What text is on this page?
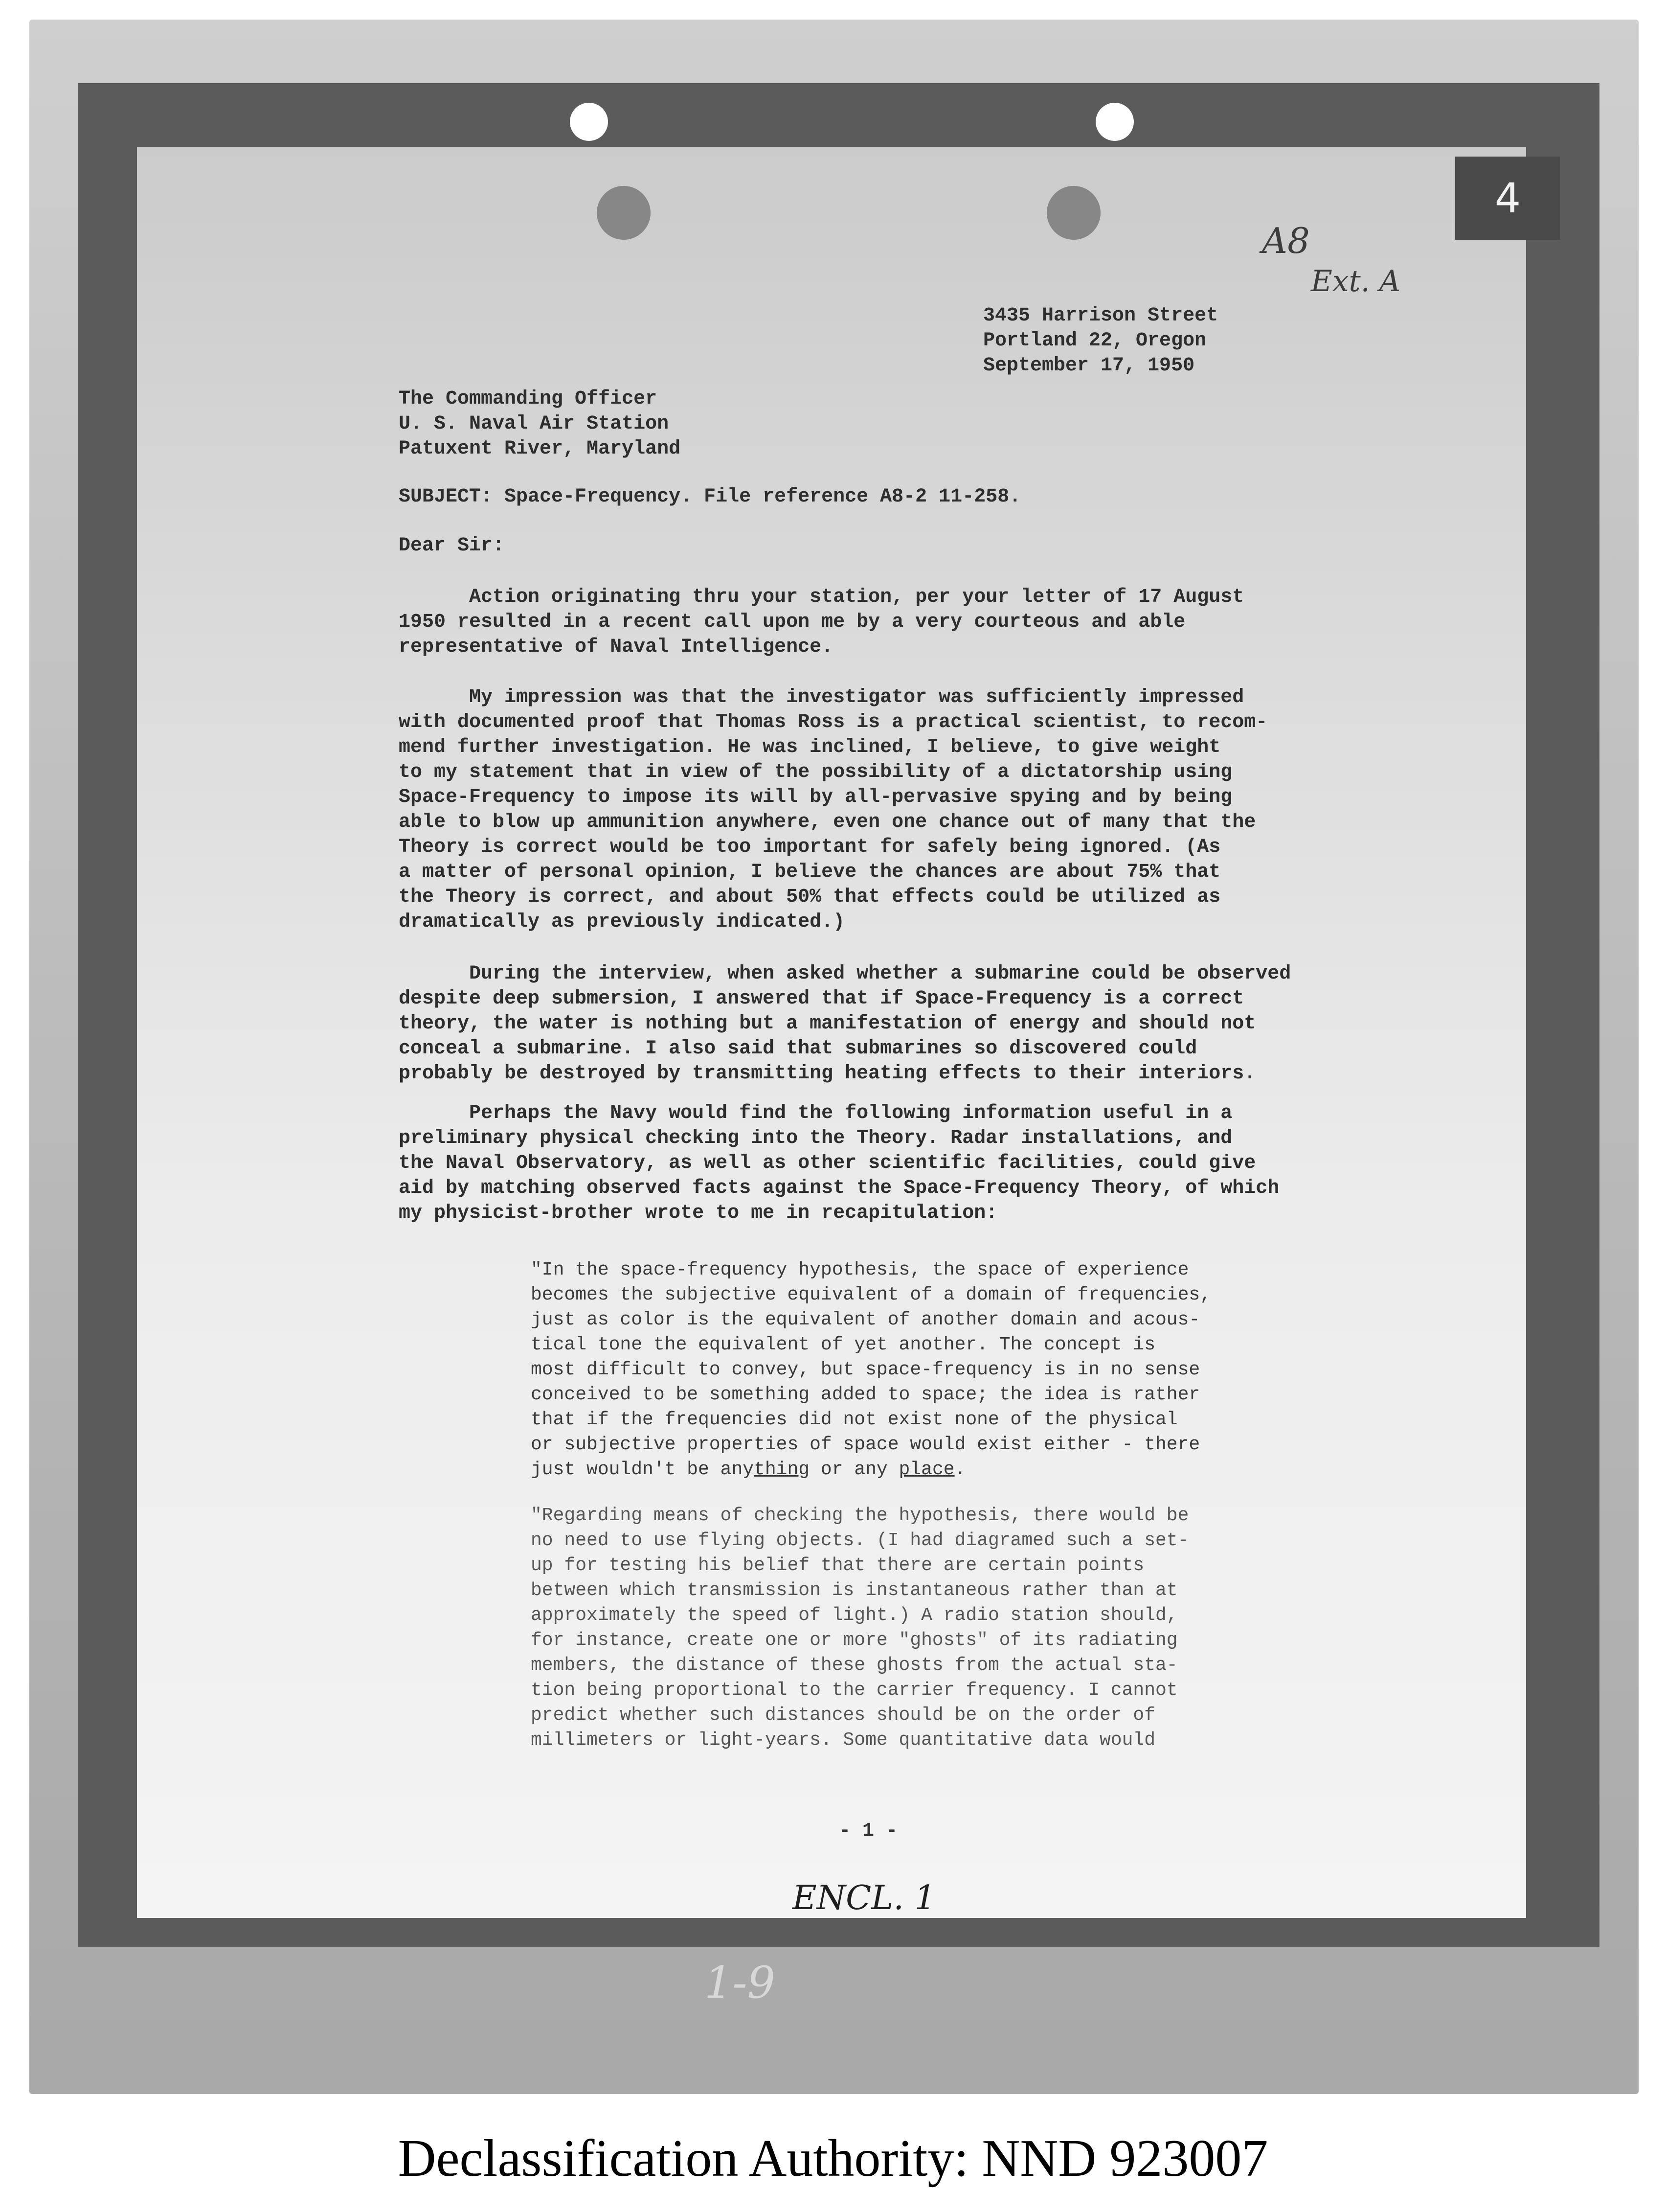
4
A8
Ext. A
3435 Harrison Street
Portland 22, Oregon
September 17, 1950
The Commanding Officer
U. S. Naval Air Station
Patuxent River, Maryland
SUBJECT: Space-Frequency. File reference A8-2 11-258.
Dear Sir:
Action originating thru your station, per your letter of 17 August
1950 resulted in a recent call upon me by a very courteous and able
representative of Naval Intelligence.
My impression was that the investigator was sufficiently impressed
with documented proof that Thomas Ross is a practical scientist, to recom-
mend further investigation. He was inclined, I believe, to give weight
to my statement that in view of the possibility of a dictatorship using
Space-Frequency to impose its will by all-pervasive spying and by being
able to blow up ammunition anywhere, even one chance out of many that the
Theory is correct would be too important for safely being ignored. (As
a matter of personal opinion, I believe the chances are about 75% that
the Theory is correct, and about 50% that effects could be utilized as
dramatically as previously indicated.)
During the interview, when asked whether a submarine could be observed
despite deep submersion, I answered that if Space-Frequency is a correct
theory, the water is nothing but a manifestation of energy and should not
conceal a submarine. I also said that submarines so discovered could
probably be destroyed by transmitting heating effects to their interiors.
Perhaps the Navy would find the following information useful in a
preliminary physical checking into the Theory. Radar installations, and
the Naval Observatory, as well as other scientific facilities, could give
aid by matching observed facts against the Space-Frequency Theory, of which
my physicist-brother wrote to me in recapitulation:
"In the space-frequency hypothesis, the space of experience
becomes the subjective equivalent of a domain of frequencies,
just as color is the equivalent of another domain and acous-
tical tone the equivalent of yet another. The concept is
most difficult to convey, but space-frequency is in no sense
conceived to be something added to space; the idea is rather
that if the frequencies did not exist none of the physical
or subjective properties of space would exist either - there
just wouldn't be anything or any place.
"Regarding means of checking the hypothesis, there would be
no need to use flying objects. (I had diagramed such a set-
up for testing his belief that there are certain points
between which transmission is instantaneous rather than at
approximately the speed of light.) A radio station should,
for instance, create one or more "ghosts" of its radiating
members, the distance of these ghosts from the actual sta-
tion being proportional to the carrier frequency. I cannot
predict whether such distances should be on the order of
millimeters or light-years. Some quantitative data would
- 1 -
ENCL. 1
1-9
Declassification Authority: NND 923007
